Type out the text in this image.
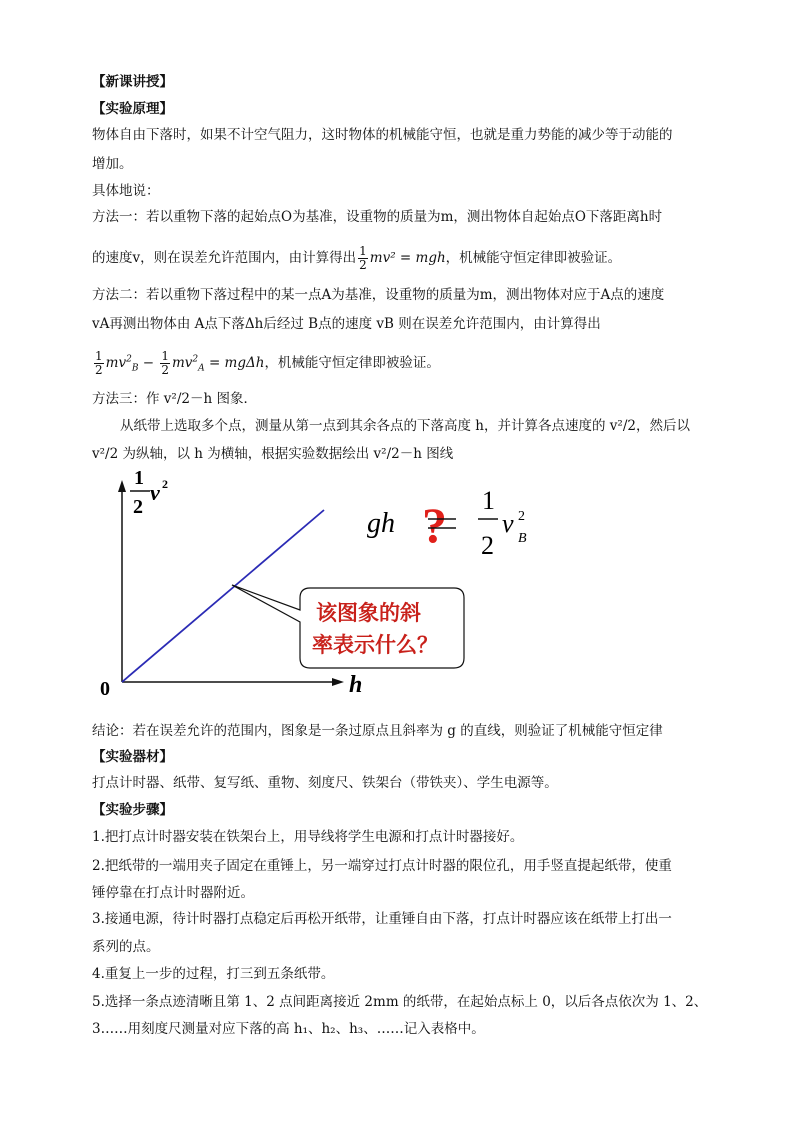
【新课讲授】
【实验原理】
物体自由下落时，如果不计空气阻力，这时物体的机械能守恒，也就是重力势能的减少等于动能的
增加。
具体地说：
方法一：若以重物下落的起始点O为基准，设重物的质量为m，测出物体自起始点O下落距离h时
的速度v，则在误差允许范围内，由计算得出 $\frac{1}{2} mv^2$ = mgh，机械能守恒定律即被验证。
方法二：若以重物下落过程中的某一点A为基准，设重物的质量为m，测出物体对应于A点的速度
vA再测出物体由 A点下落Δh后经过 B点的速度 vB 则在误差允许范围内，由计算得出
$\frac{1}{2} mv^2_B - \frac{1}{2} mv^2_A = mg\Delta h$，机械能守恒定律即被验证。
方法三：作 v²/2－h 图象．
从纸带上选取多个点，测量从第一点到其余各点的下落高度 h，并计算各点速度的 v²/2，然后以
v²/2 为纵轴，以 h 为横轴，根据实验数据绘出 v²/2－h 图线
1
2
v 2
0	h
gh ? 1
2
v 2
B
该图象的斜
率表示什么？
结论：若在误差允许的范围内，图象是一条过原点且斜率为 g 的直线，则验证了机械能守恒定律
【实验器材】
打点计时器、纸带、复写纸、重物、刻度尺、铁架台（带铁夹）、学生电源等。
【实验步骤】
1.把打点计时器安装在铁架台上，用导线将学生电源和打点计时器接好。
2.把纸带的一端用夹子固定在重锤上，另一端穿过打点计时器的限位孔，用手竖直提起纸带，使重
锤停靠在打点计时器附近。
3.接通电源，待计时器打点稳定后再松开纸带，让重锤自由下落，打点计时器应该在纸带上打出一
系列的点。
4.重复上一步的过程，打三到五条纸带。
5.选择一条点迹清晰且第 1、2 点间距离接近 2mm 的纸带，在起始点标上 0，以后各点依次为 1、2、
3……用刻度尺测量对应下落的高 h₁、h₂、h₃、……记入表格中。
